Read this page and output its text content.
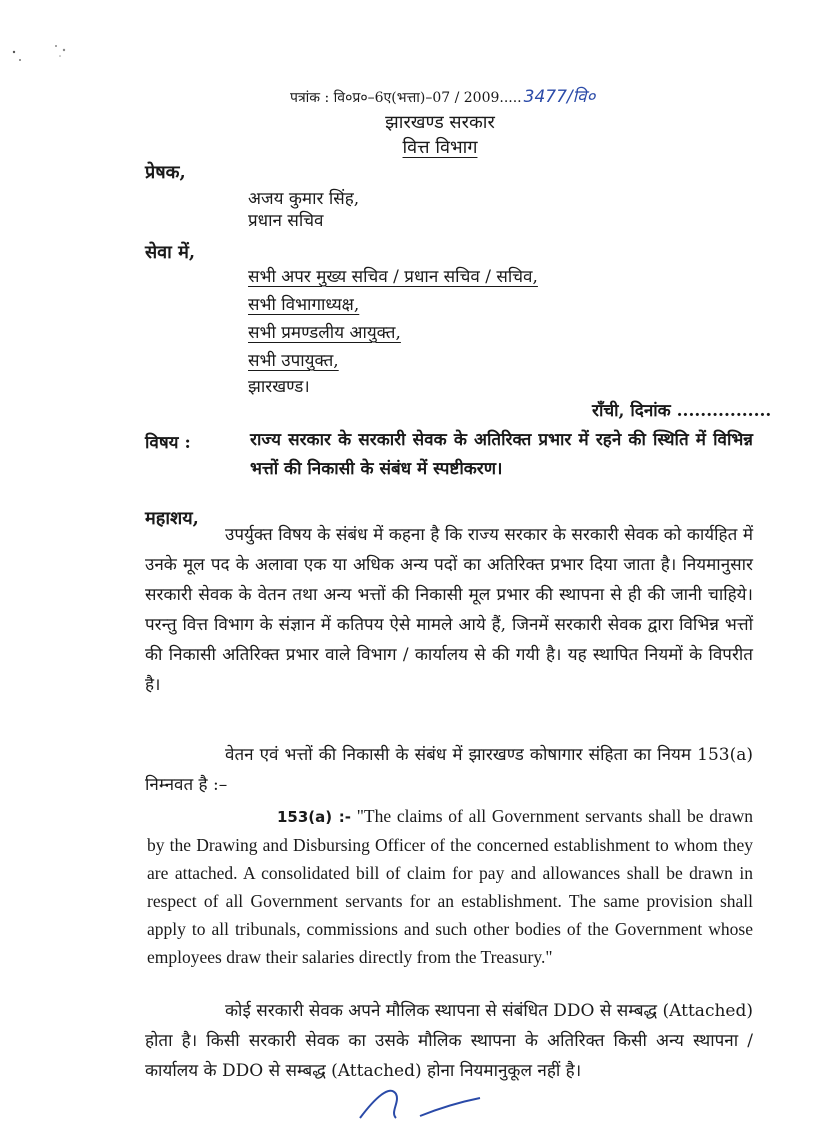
पत्रांक : वि०प्र०–6ए(भत्ता)–07 / 2009..... 3477/वि०
झारखण्ड सरकार
वित्त विभाग
प्रेषक,
अजय कुमार सिंह,
प्रधान सचिव
सेवा में,
सभी अपर मुख्य सचिव / प्रधान सचिव / सचिव,
सभी विभागाध्यक्ष,
सभी प्रमण्डलीय आयुक्त,
सभी उपायुक्त,
झारखण्ड।
राँची, दिनांक ................
विषय :	राज्य सरकार के सरकारी सेवक के अतिरिक्त प्रभार में रहने की स्थिति में विभिन्न भत्तों की निकासी के संबंध में स्पष्टीकरण।
महाशय,
उपर्युक्त विषय के संबंध में कहना है कि राज्य सरकार के सरकारी सेवक को कार्यहित में उनके मूल पद के अलावा एक या अधिक अन्य पदों का अतिरिक्त प्रभार दिया जाता है। नियमानुसार सरकारी सेवक के वेतन तथा अन्य भत्तों की निकासी मूल प्रभार की स्थापना से ही की जानी चाहिये। परन्तु वित्त विभाग के संज्ञान में कतिपय ऐसे मामले आये हैं, जिनमें सरकारी सेवक द्वारा विभिन्न भत्तों की निकासी अतिरिक्त प्रभार वाले विभाग / कार्यालय से की गयी है। यह स्थापित नियमों के विपरीत है।
वेतन एवं भत्तों की निकासी के संबंध में झारखण्ड कोषागार संहिता का नियम 153(a) निम्नवत है :–
153(a) :- "The claims of all Government servants shall be drawn by the Drawing and Disbursing Officer of the concerned establishment to whom they are attached. A consolidated bill of claim for pay and allowances shall be drawn in respect of all Government servants for an establishment. The same provision shall apply to all tribunals, commissions and such other bodies of the Government whose employees draw their salaries directly from the Treasury."
कोई सरकारी सेवक अपने मौलिक स्थापना से संबंधित DDO से सम्बद्ध (Attached) होता है। किसी सरकारी सेवक का उसके मौलिक स्थापना के अतिरिक्त किसी अन्य स्थापना / कार्यालय के DDO से सम्बद्ध (Attached) होना नियमानुकूल नहीं है।
